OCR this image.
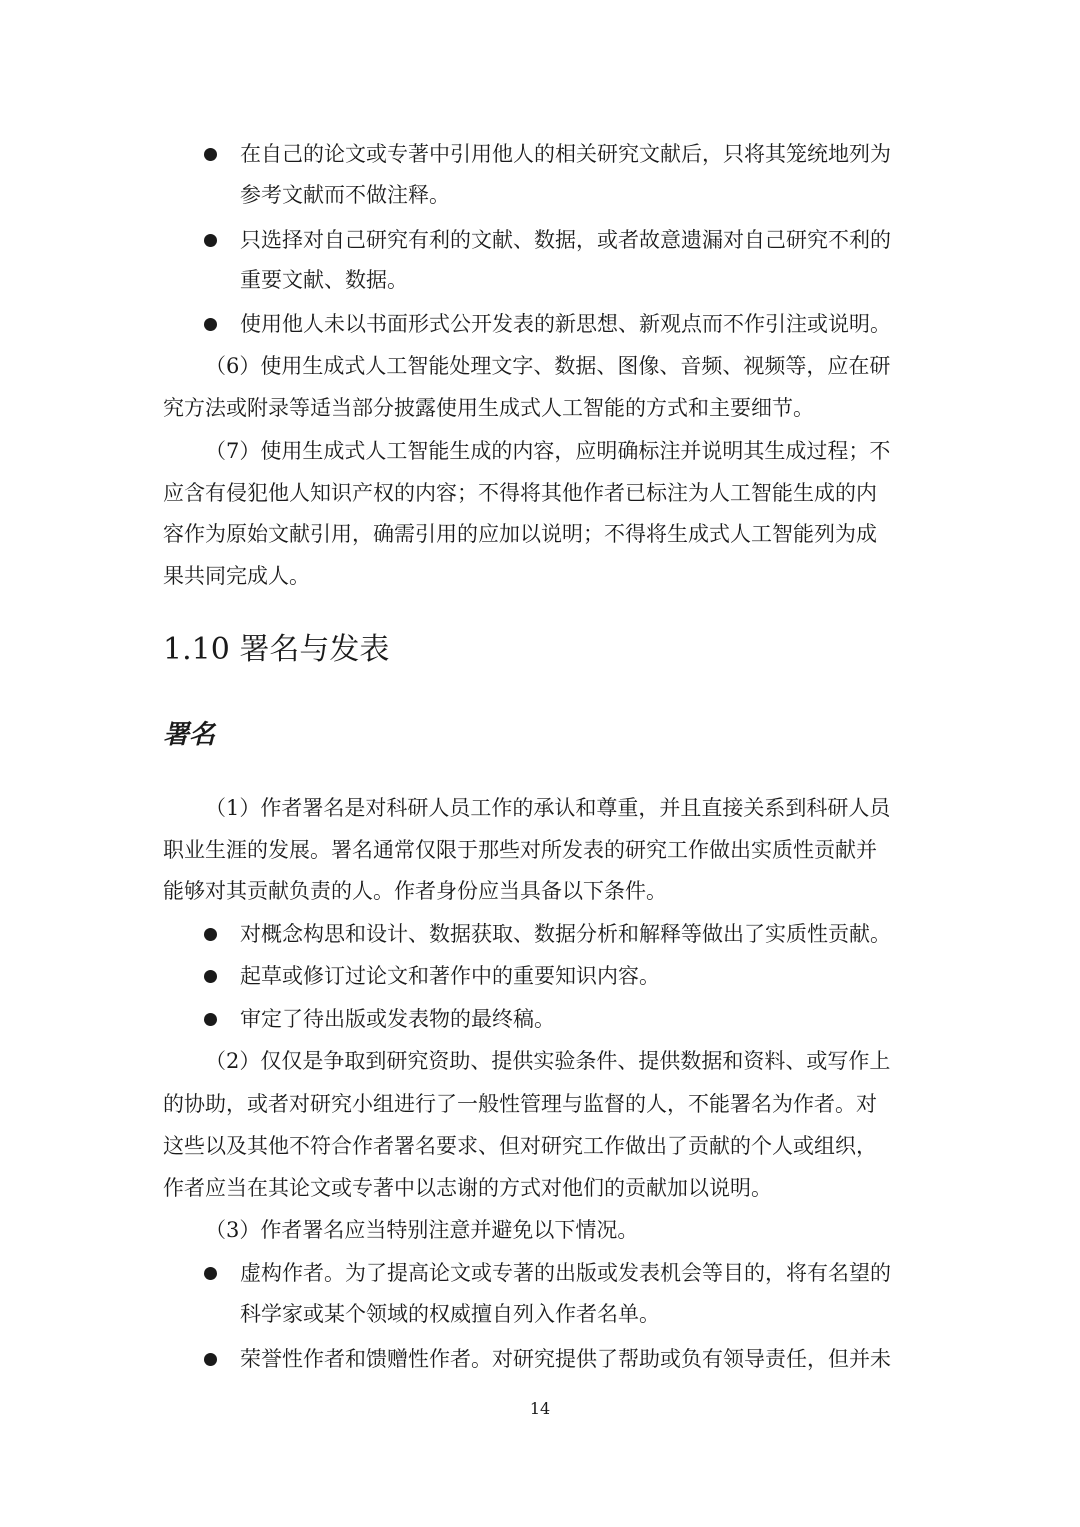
在自己的论文或专著中引用他人的相关研究文献后，只将其笼统地列为
参考文献而不做注释。
只选择对自己研究有利的文献、数据，或者故意遗漏对自己研究不利的
重要文献、数据。
使用他人未以书面形式公开发表的新思想、新观点而不作引注或说明。
（6）使用生成式人工智能处理文字、数据、图像、音频、视频等，应在研
究方法或附录等适当部分披露使用生成式人工智能的方式和主要细节。
（7）使用生成式人工智能生成的内容，应明确标注并说明其生成过程；不
应含有侵犯他人知识产权的内容；不得将其他作者已标注为人工智能生成的内
容作为原始文献引用，确需引用的应加以说明；不得将生成式人工智能列为成
果共同完成人。
1.10 署名与发表
署名
（1）作者署名是对科研人员工作的承认和尊重，并且直接关系到科研人员
职业生涯的发展。署名通常仅限于那些对所发表的研究工作做出实质性贡献并
能够对其贡献负责的人。作者身份应当具备以下条件。
对概念构思和设计、数据获取、数据分析和解释等做出了实质性贡献。
起草或修订过论文和著作中的重要知识内容。
审定了待出版或发表物的最终稿。
（2）仅仅是争取到研究资助、提供实验条件、提供数据和资料、或写作上
的协助，或者对研究小组进行了一般性管理与监督的人，不能署名为作者。对
这些以及其他不符合作者署名要求、但对研究工作做出了贡献的个人或组织，
作者应当在其论文或专著中以志谢的方式对他们的贡献加以说明。
（3）作者署名应当特别注意并避免以下情况。
虚构作者。为了提高论文或专著的出版或发表机会等目的，将有名望的
科学家或某个领域的权威擅自列入作者名单。
荣誉性作者和馈赠性作者。对研究提供了帮助或负有领导责任，但并未
14
